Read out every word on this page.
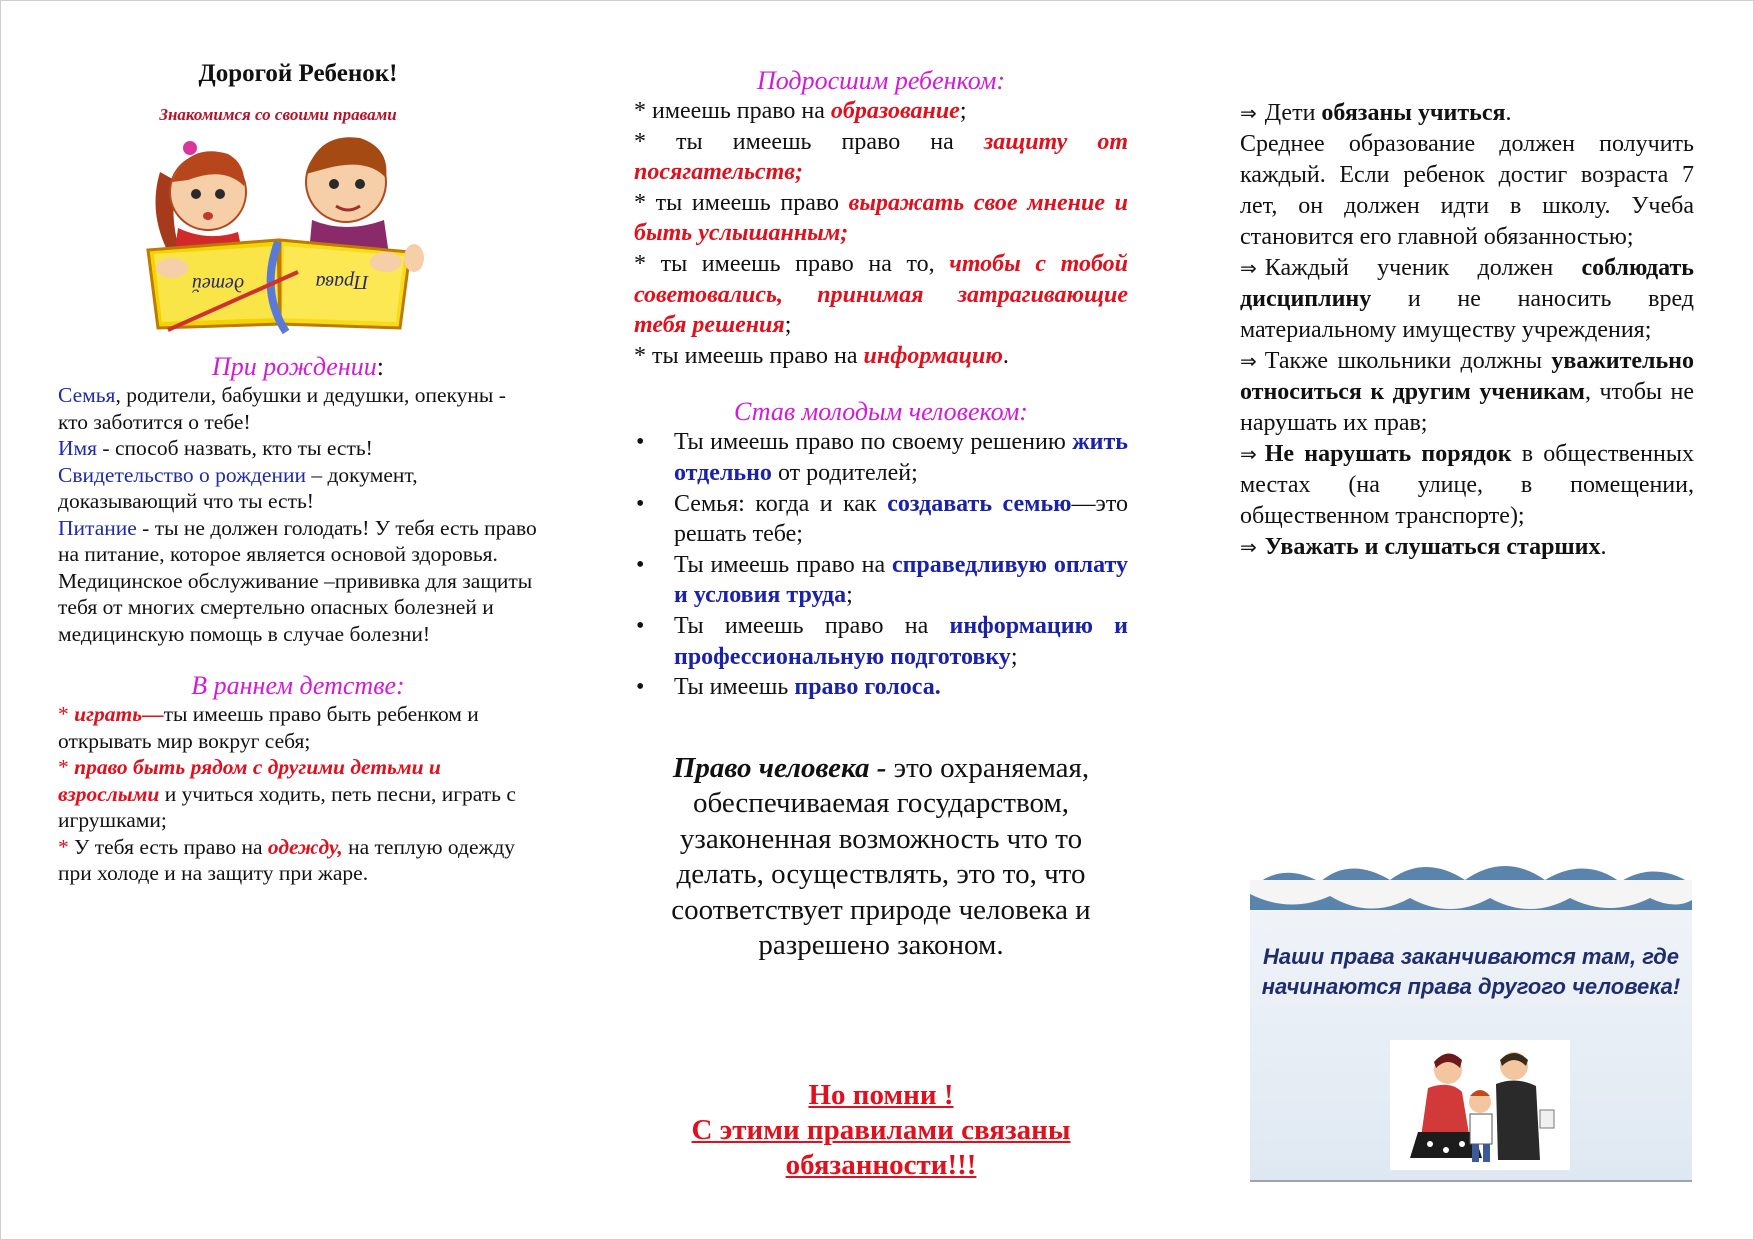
Дорогой Ребенок!
Знакомимся со своими правами
детей	Права
При рождении:

Семья, родители, бабушки и дедушки, опекуны - кто заботится о тебе!

Имя - способ назвать, кто ты есть!

Свидетельство о рождении – документ, доказывающий что ты есть!

Питание - ты не должен голодать! У тебя есть право на питание, которое является основой здоровья.

Медицинское обслуживание –прививка для защиты тебя от многих смертельно опасных болезней и медицинскую помощь в случае болезни!

В раннем детстве:

* играть—ты имеешь право быть ребенком и открывать мир вокруг себя;

* право быть рядом с другими детьми и взрослыми и учиться ходить, петь песни, играть с игрушками;

* У тебя есть право на одежду, на теплую одежду при холоде и на защиту при жаре.

Подросшим ребенком:

* имеешь право на образование;

* ты имеешь право на защиту от посягательств;

* ты имеешь право выражать свое мнение и быть услышанным;

* ты имеешь право на то, чтобы с тобой советовались, принимая затрагивающие тебя решения;

* ты имеешь право на информацию.

Став молодым человеком:
• Ты имеешь право по своему решению жить отдельно от родителей;
• Семья: когда и как создавать семью—это решать тебе;
• Ты имеешь право на справедливую оплату и условия труда;
• Ты имеешь право на информацию и профессиональную подготовку;
• Ты имеешь право голоса.
Право человека - это охраняемая, обеспечиваемая государством, узаконенная возможность что то делать, осуществлять, это то, что соответствует природе человека и разрешено законом.
Но помни !
С этими правилами связаны обязанности!!!

⇒ Дети обязаны учиться.

Среднее образование должен получить каждый. Если ребенок достиг возраста 7 лет, он должен идти в школу. Учеба становится его главной обязанностью;

⇒ Каждый ученик должен соблюдать дисциплину и не наносить вред материальному имуществу учреждения;

⇒ Также школьники должны уважительно относиться к другим ученикам, чтобы не нарушать их прав;

⇒ Не нарушать порядок в общественных местах (на улице, в помещении, общественном транспорте);

⇒ Уважать и слушаться старших.

Наши права заканчиваются там, где начинаются права другого человека!
